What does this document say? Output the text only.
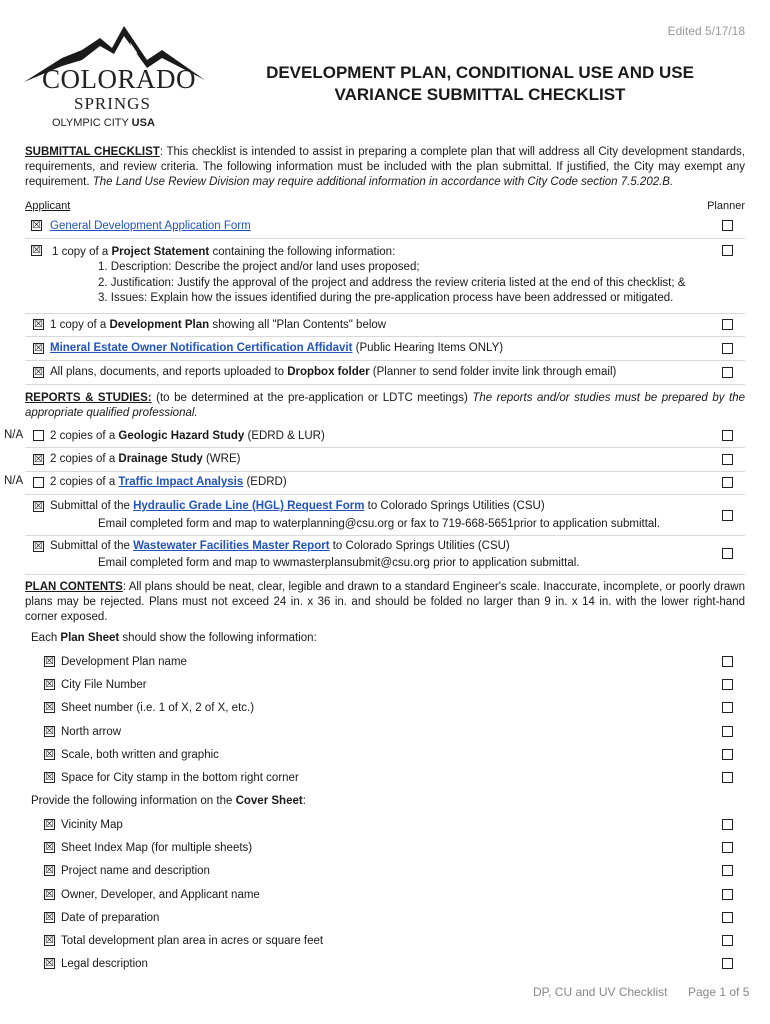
Edited 5/17/18
COLORADO
SPRINGS
OLYMPIC CITY USA
DEVELOPMENT PLAN, CONDITIONAL USE AND USE
VARIANCE SUBMITTAL CHECKLIST
SUBMITTAL CHECKLIST: This checklist is intended to assist in preparing a complete plan that will address all City development standards, requirements, and review criteria. The following information must be included with the plan submittal. If justified, the City may exempt any requirement. The Land Use Review Division may require additional information in accordance with City Code section 7.5.202.B.
Applicant	Planner
☒ General Development Application Form
☒ 1 copy of a Project Statement containing the following information:
1. Description: Describe the project and/or land uses proposed;
2. Justification: Justify the approval of the project and address the review criteria listed at the end of this checklist; &
3. Issues: Explain how the issues identified during the pre-application process have been addressed or mitigated.
☒ 1 copy of a Development Plan showing all "Plan Contents" below
☒ Mineral Estate Owner Notification Certification Affidavit (Public Hearing Items ONLY)
☒ All plans, documents, and reports uploaded to Dropbox folder (Planner to send folder invite link through email)
REPORTS & STUDIES: (to be determined at the pre-application or LDTC meetings) The reports and/or studies must be prepared by the appropriate qualified professional.
N/A 2 copies of a Geologic Hazard Study (EDRD & LUR)
☒ 2 copies of a Drainage Study (WRE)
N/A 2 copies of a Traffic Impact Analysis (EDRD)
☒ Submittal of the Hydraulic Grade Line (HGL) Request Form to Colorado Springs Utilities (CSU)
Email completed form and map to waterplanning@csu.org or fax to 719-668-5651prior to application submittal.
☒ Submittal of the Wastewater Facilities Master Report to Colorado Springs Utilities (CSU)
Email completed form and map to wwmasterplansubmit@csu.org prior to application submittal.
PLAN CONTENTS: All plans should be neat, clear, legible and drawn to a standard Engineer's scale. Inaccurate, incomplete, or poorly drawn plans may be rejected. Plans must not exceed 24 in. x 36 in. and should be folded no larger than 9 in. x 14 in. with the lower right-hand corner exposed.
Each Plan Sheet should show the following information:
☒ Development Plan name
☒ City File Number
☒ Sheet number (i.e. 1 of X, 2 of X, etc.)
☒ North arrow
☒ Scale, both written and graphic
☒ Space for City stamp in the bottom right corner
Provide the following information on the Cover Sheet:
☒ Vicinity Map
☒ Sheet Index Map (for multiple sheets)
☒ Project name and description
☒ Owner, Developer, and Applicant name
☒ Date of preparation
☒ Total development plan area in acres or square feet
☒ Legal description
DP, CU and UV Checklist Page 1 of 5
